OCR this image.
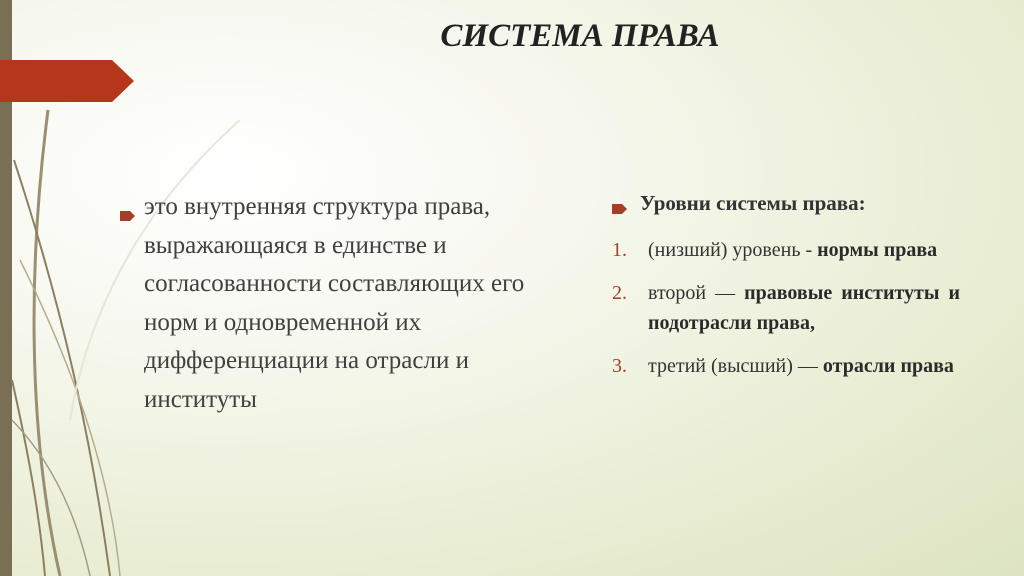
СИСТЕМА ПРАВА
это внутренняя структура права, выражающаяся в единстве и согласованности составляющих его норм и одновременной их дифференциации на отрасли и институты
Уровни системы права:
1.	(низший) уровень - нормы права
2.	второй — правовые институты и подотрасли права,
3.	третий (высший) — отрасли права
